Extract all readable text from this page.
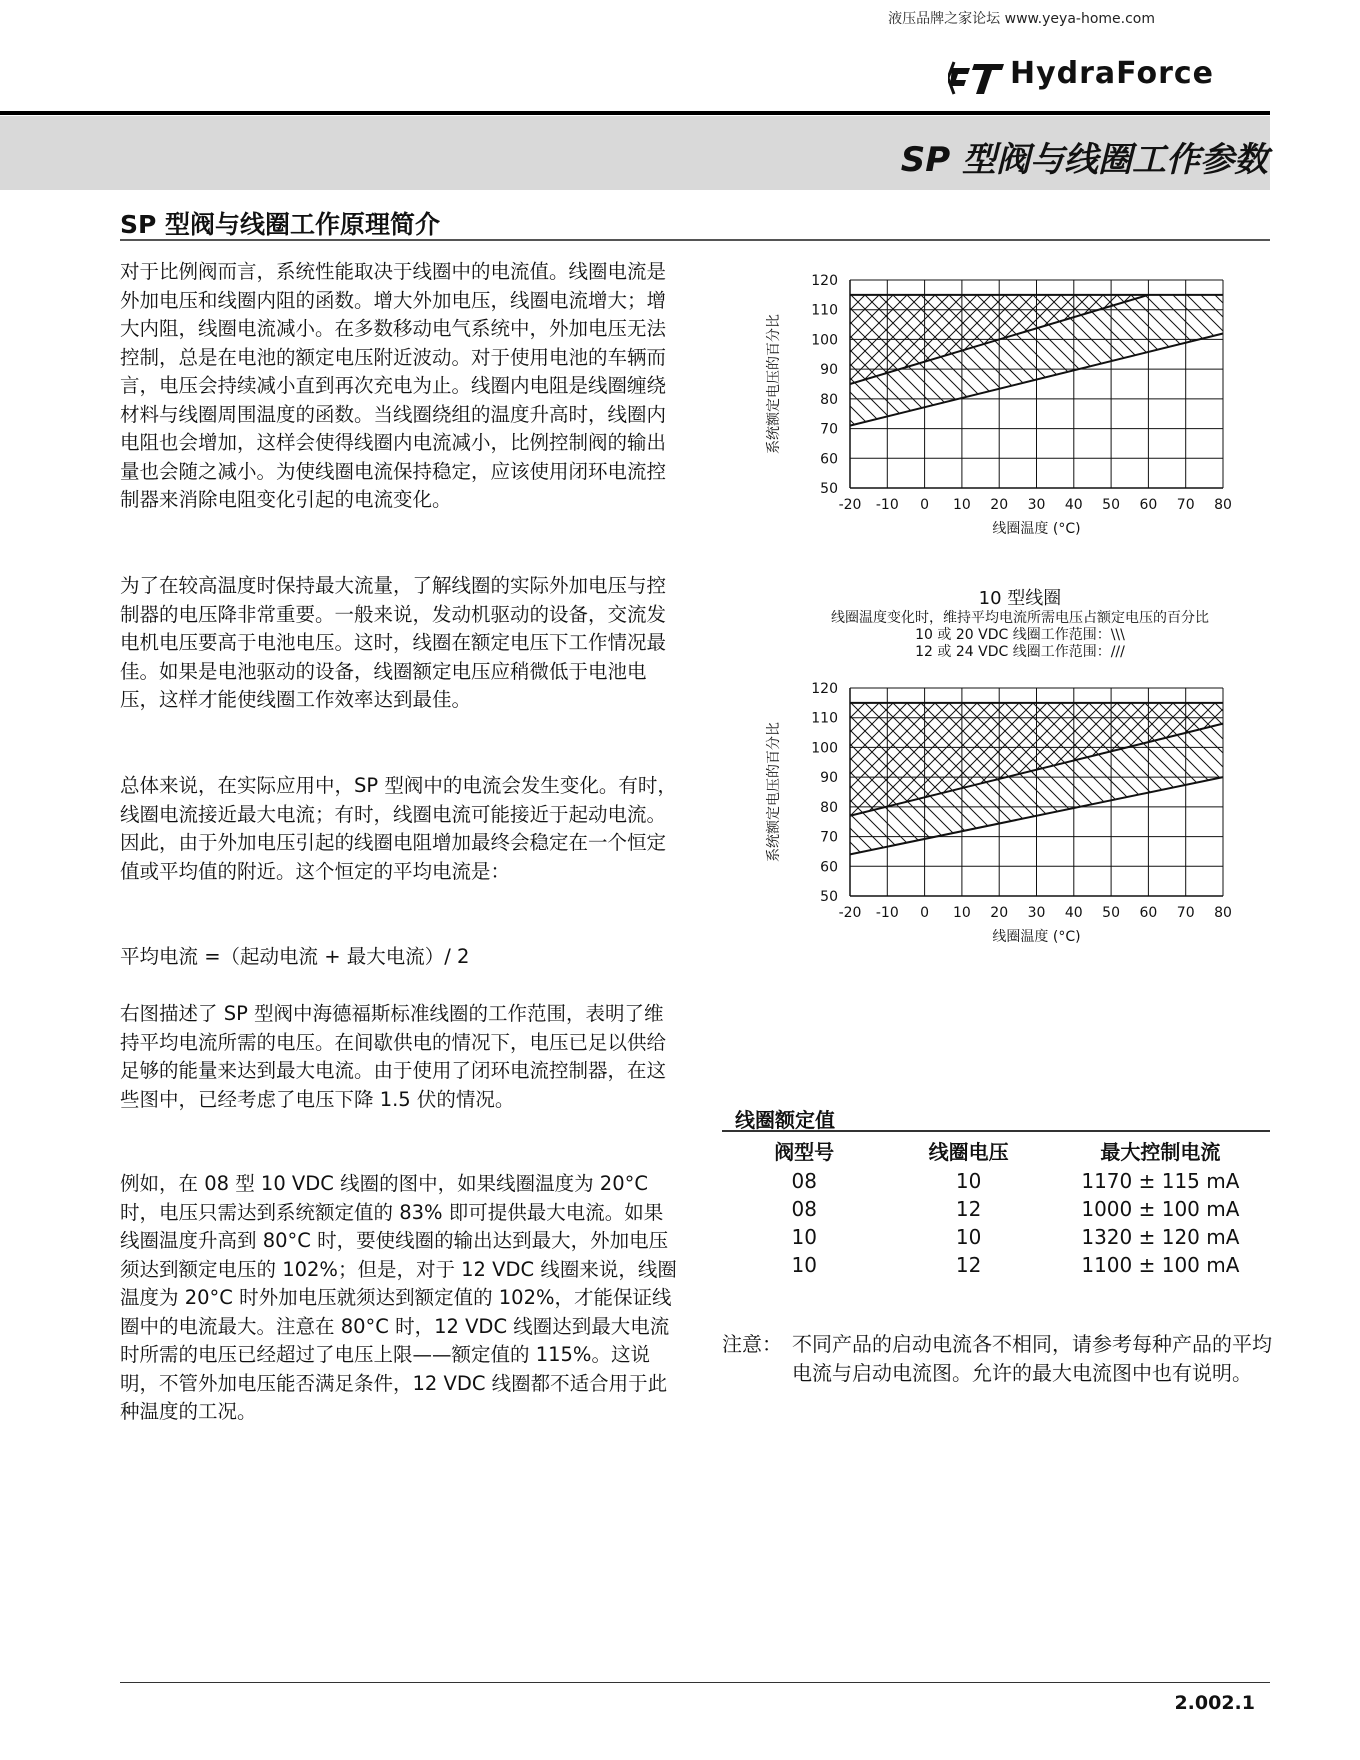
液压品牌之家论坛 www.yeya-home.com
HydraForce
SP 型阀与线圈工作参数
SP 型阀与线圈工作原理简介

对于比例阀而言，系统性能取决于线圈中的电流值。线圈电流是外加电压和线圈内阻的函数。增大外加电压，线圈电流增大；增大内阻，线圈电流减小。在多数移动电气系统中，外加电压无法控制，总是在电池的额定电压附近波动。对于使用电池的车辆而言，电压会持续减小直到再次充电为止。线圈内电阻是线圈缠绕材料与线圈周围温度的函数。当线圈绕组的温度升高时，线圈内电阻也会增加，这样会使得线圈内电流减小，比例控制阀的输出量也会随之减小。为使线圈电流保持稳定，应该使用闭环电流控制器来消除电阻变化引起的电流变化。

为了在较高温度时保持最大流量，了解线圈的实际外加电压与控制器的电压降非常重要。一般来说，发动机驱动的设备，交流发电机电压要高于电池电压。这时，线圈在额定电压下工作情况最佳。如果是电池驱动的设备，线圈额定电压应稍微低于电池电压，这样才能使线圈工作效率达到最佳。

总体来说，在实际应用中，SP 型阀中的电流会发生变化。有时，线圈电流接近最大电流；有时，线圈电流可能接近于起动电流。因此，由于外加电压引起的线圈电阻增加最终会稳定在一个恒定值或平均值的附近。这个恒定的平均电流是：

平均电流 =（起动电流 + 最大电流）/ 2

右图描述了 SP 型阀中海德福斯标准线圈的工作范围，表明了维持平均电流所需的电压。在间歇供电的情况下，电压已足以供给足够的能量来达到最大电流。由于使用了闭环电流控制器，在这些图中，已经考虑了电压下降 1.5 伏的情况。

例如，在 08 型 10 VDC 线圈的图中，如果线圈温度为 20°C 时，电压只需达到系统额定值的 83% 即可提供最大电流。如果线圈温度升高到 80°C 时，要使线圈的输出达到最大，外加电压须达到额定电压的 102%；但是，对于 12 VDC 线圈来说，线圈温度为 20°C 时外加电压就须达到额定值的 102%，才能保证线圈中的电流最大。注意在 80°C 时，12 VDC 线圈达到最大电流时所需的电压已经超过了电压上限——额定值的 115%。这说明，不管外加电压能否满足条件，12 VDC 线圈都不适合用于此种温度的工况。

-20 -10 0 10 20 30 40 50 60 70 80
50
60
70
80
90
100
110
120
线圈温度 (°C)
系统额定电压的百分比
10 型线圈
线圈温度变化时，维持平均电流所需电压占额定电压的百分比
10 或 20 VDC 线圈工作范围：\\\
12 或 24 VDC 线圈工作范围：///
-20 -10 0 10 20 30 40 50 60 70 80
50
60
70
80
90
100
110
120
线圈温度 (°C)
系统额定电压的百分比
线圈额定值
阀型号	线圈电压	最大控制电流
08	10	1170 ± 115 mA
08	12	1000 ± 100 mA
10	10	1320 ± 120 mA
10	12	1100 ± 100 mA
注意： 不同产品的启动电流各不相同，请参考每种产品的平均电流与启动电流图。允许的最大电流图中也有说明。
2.002.1
